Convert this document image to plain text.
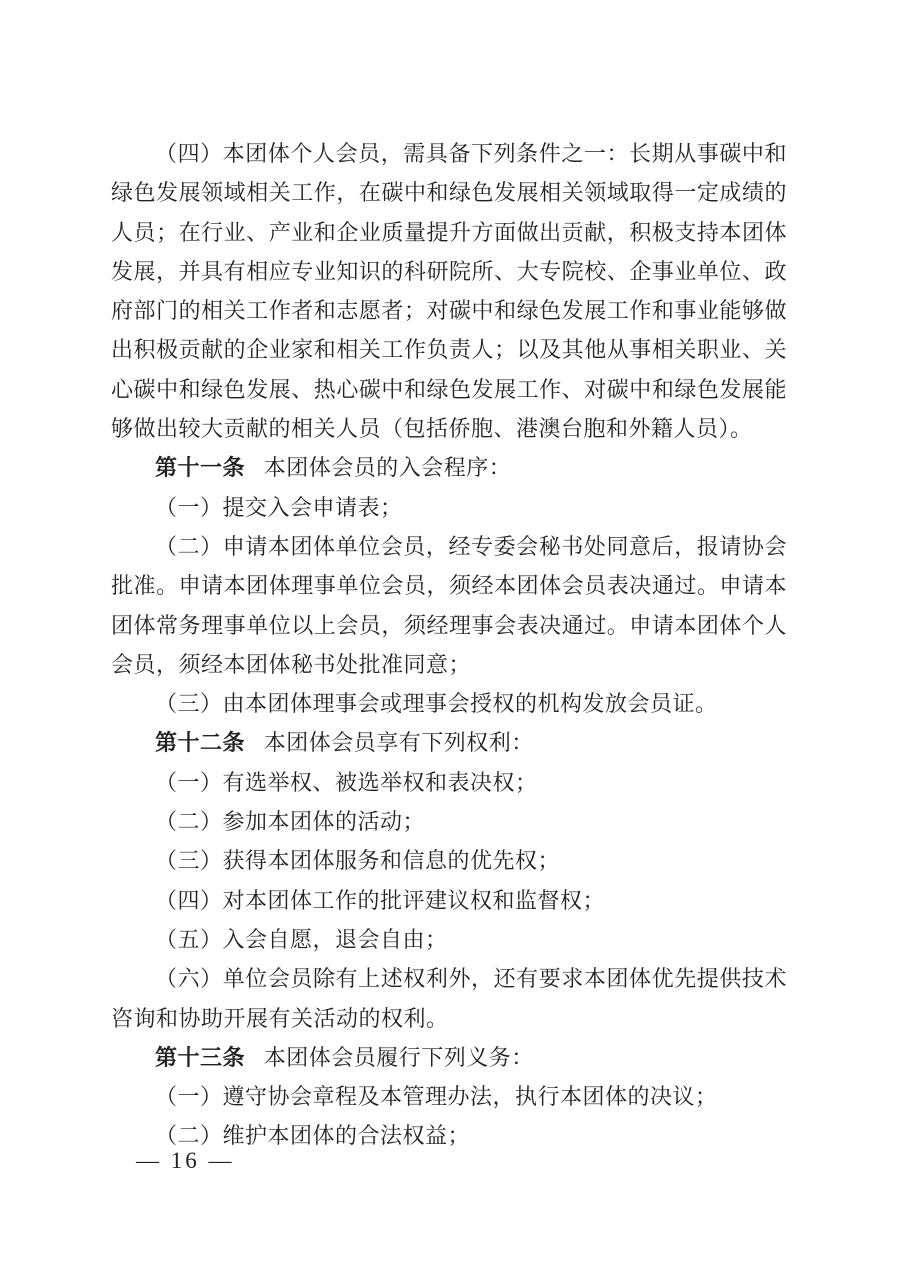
（四）本团体个人会员，需具备下列条件之一：长期从事碳中和绿色发展领域相关工作，在碳中和绿色发展相关领域取得一定成绩的人员；在行业、产业和企业质量提升方面做出贡献，积极支持本团体发展，并具有相应专业知识的科研院所、大专院校、企事业单位、政府部门的相关工作者和志愿者；对碳中和绿色发展工作和事业能够做出积极贡献的企业家和相关工作负责人；以及其他从事相关职业、关心碳中和绿色发展、热心碳中和绿色发展工作、对碳中和绿色发展能够做出较大贡献的相关人员（包括侨胞、港澳台胞和外籍人员）。

第十一条 本团体会员的入会程序：

（一）提交入会申请表；

（二）申请本团体单位会员，经专委会秘书处同意后，报请协会批准。申请本团体理事单位会员，须经本团体会员表决通过。申请本团体常务理事单位以上会员，须经理事会表决通过。申请本团体个人会员，须经本团体秘书处批准同意；

（三）由本团体理事会或理事会授权的机构发放会员证。

第十二条 本团体会员享有下列权利：

（一）有选举权、被选举权和表决权；

（二）参加本团体的活动；

（三）获得本团体服务和信息的优先权；

（四）对本团体工作的批评建议权和监督权；

（五）入会自愿，退会自由；

（六）单位会员除有上述权利外，还有要求本团体优先提供技术咨询和协助开展有关活动的权利。

第十三条 本团体会员履行下列义务：

（一）遵守协会章程及本管理办法，执行本团体的决议；

（二）维护本团体的合法权益；

— 16 —
